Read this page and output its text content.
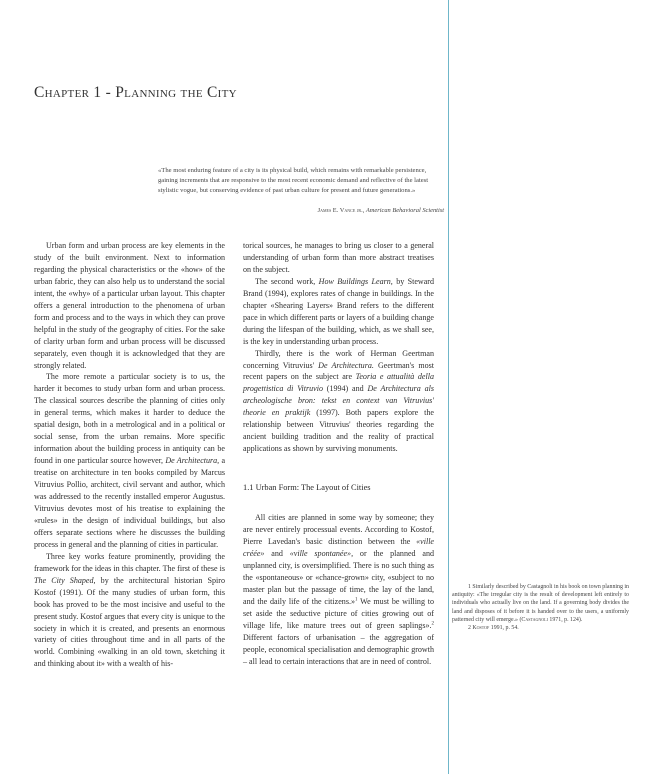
Chapter 1 - Planning the City

«The most enduring feature of a city is its physical build, which remains with remarkable persistence, gaining increments that are responsive to the most recent economic demand and reflective of the latest stylistic vogue, but conserving evidence of past urban culture for present and future generations.»

James E. Vance jr., American Behavioral Scientist

Urban form and urban process are key elements in the study of the built environment. Next to information regarding the physical characteristics or the «how» of the urban fabric, they can also help us to understand the social intent, the «why» of a particular urban layout. This chapter offers a general introduction to the phenomena of urban form and process and to the ways in which they can prove helpful in the study of the geography of cities. For the sake of clarity urban form and urban process will be discussed separately, even though it is acknowledged that they are strongly related.

The more remote a particular society is to us, the harder it becomes to study urban form and urban process. The classical sources describe the planning of cities only in general terms, which makes it harder to deduce the spatial design, both in a metrological and in a political or social sense, from the urban remains. More specific information about the building process in antiquity can be found in one particular source however, De Architectura, a treatise on architecture in ten books compiled by Marcus Vitruvius Pollio, architect, civil servant and author, which was addressed to the recently installed emperor Augustus. Vitruvius devotes most of his treatise to explaining the «rules» in the design of individual buildings, but also offers separate sections where he discusses the building process in general and the planning of cities in particular.

Three key works feature prominently, providing the framework for the ideas in this chapter. The first of these is The City Shaped, by the architectural historian Spiro Kostof (1991). Of the many studies of urban form, this book has proved to be the most incisive and useful to the present study. Kostof argues that every city is unique to the society in which it is created, and presents an enormous variety of cities throughout time and in all parts of the world. Combining «walking in an old town, sketching it and thinking about it» with a wealth of his-

torical sources, he manages to bring us closer to a general understanding of urban form than more abstract treatises on the subject.

The second work, How Buildings Learn, by Steward Brand (1994), explores rates of change in buildings. In the chapter «Shearing Layers» Brand refers to the different pace in which different parts or layers of a building change during the lifespan of the building, which, as we shall see, is the key in understanding urban process.

Thirdly, there is the work of Herman Geertman concerning Vitruvius' De Architectura. Geertman's most recent papers on the subject are Teoria e attualità della progettistica di Vitruvio (1994) and De Architectura als archeologische bron: tekst en context van Vitruvius' theorie en praktijk (1997). Both papers explore the relationship between Vitruvius' theories regarding the ancient building tradition and the reality of practical applications as shown by surviving monuments.

1.1 Urban Form: The Layout of Cities

All cities are planned in some way by someone; they are never entirely processual events. According to Kostof, Pierre Lavedan's basic distinction between the «ville créée» and «ville spontanée», or the planned and unplanned city, is oversimplified. There is no such thing as the «spontaneous» or «chance-grown» city, «subject to no master plan but the passage of time, the lay of the land, and the daily life of the citizens.»$^1$ We must be willing to set aside the seductive picture of cities growing out of village life, like mature trees out of green saplings».$^2$ Different factors of urbanisation – the aggregation of people, economical specialisation and demographic growth – all lead to certain interactions that are in need of control.

1 Similarly described by Castagnoli in his book on town planning in antiquity: «The irregular city is the result of development left entirely to individuals who actually live on the land. If a governing body divides the land and disposes of it before it is handed over to the users, a uniformly patterned city will emerge.» (Castagnoli 1971, p. 124).

2 Kostof 1991, p. 54.
